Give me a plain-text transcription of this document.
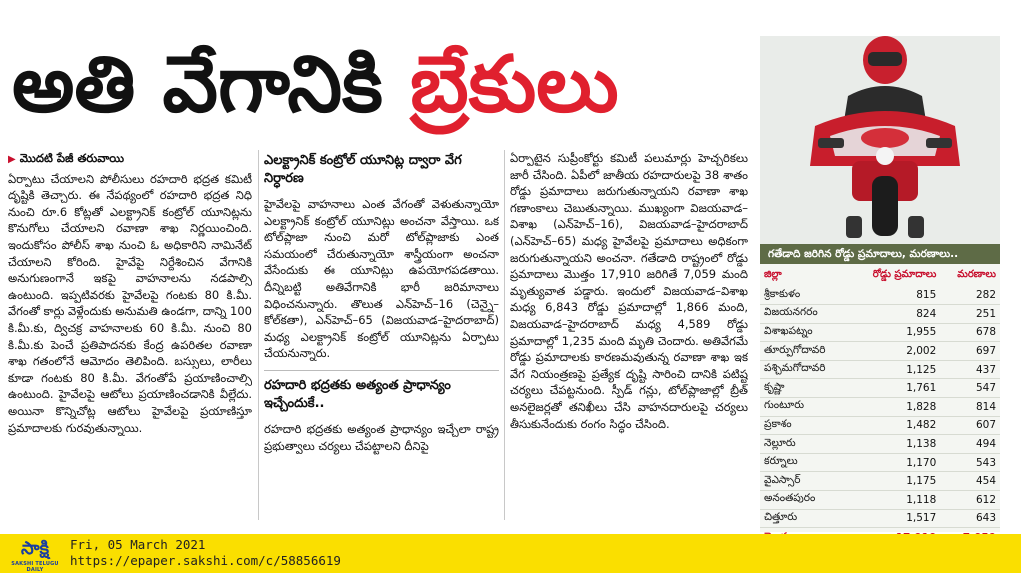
అతి వేగానికి బ్రేకులు
▶ మొదటి పేజీ తరువాయి

ఏర్పాటు చేయాలని పోలీసులు రహదారి భద్రత కమిటీ దృష్టికి తెచ్చారు. ఈ నేపథ్యంలో రహదారి భద్రత నిధి నుంచి రూ.6 కోట్లతో ఎలక్ట్రానిక్ కంట్రోల్ యూనిట్లను కొనుగోలు చేయాలని రవాణా శాఖ నిర్ణయించింది. ఇందుకోసం పోలీస్ శాఖ నుంచి ఓ అధికారిని నామినేట్ చేయాలని కోరింది. హైవేపై నిర్దేశించిన వేగానికి అనుగుణంగానే ఇకపై వాహనాలను నడపాల్సి ఉంటుంది. ఇప్పటివరకు హైవేలపై గంటకు 80 కి.మీ. వేగంతో కార్లు వెళ్లేందుకు అనుమతి ఉండగా, దాన్ని 100 కి.మీ.కు, ద్విచక్ర వాహనాలకు 60 కి.మీ. నుంచి 80 కి.మీ.కు పెంచే ప్రతిపాదనకు కేంద్ర ఉపరితల రవాణా శాఖ గతంలోనే ఆమోదం తెలిపింది. బస్సులు, లారీలు కూడా గంటకు 80 కి.మీ. వేగంతోపే ప్రయాణించాల్సి ఉంటుంది. హైవేలపై ఆటోలు ప్రయాణించడానికి వీల్లేదు. అయినా కొన్నిచోట్ల ఆటోలు హైవేలపై ప్రయాణిస్తూ ప్రమాదాలకు గురవుతున్నాయి.

ఎలక్ట్రానిక్ కంట్రోల్ యూనిట్ల ద్వారా వేగ నిర్ధారణ

హైవేలపై వాహనాలు ఎంత వేగంతో వెళుతున్నాయో ఎలక్ట్రానిక్ కంట్రోల్ యూనిట్లు అంచనా వేస్తాయి. ఒక టోల్‌ప్లాజా నుంచి మరో టోల్‌ప్లాజాకు ఎంత సమయంలో చేరుతున్నాయో శాస్త్రీయంగా అంచనా వేసేందుకు ఈ యూనిట్లు ఉపయోగపడతాయి. దీన్నిబట్టి అతివేగానికి భారీ జరిమానాలు విధించనున్నారు. తొలుత ఎన్‌హెచ్–16 (చెన్నై–కోల్‌కతా), ఎన్‌హెచ్–65 (విజయవాడ–హైదరాబాద్) మధ్య ఎలక్ట్రానిక్ కంట్రోల్ యూనిట్లను ఏర్పాటు చేయనున్నారు.

రహదారి భద్రతకు అత్యంత ప్రాధాన్యం ఇచ్చేందుకే..

రహదారి భద్రతకు అత్యంత ప్రాధాన్యం ఇచ్చేలా రాష్ట్ర ప్రభుత్వాలు చర్యలు చేపట్టాలని దీనిపై

ఏర్పాటైన సుప్రీంకోర్టు కమిటీ పలుమార్లు హెచ్చరికలు జారీ చేసింది. ఏపీలో జాతీయ రహదారులపై 38 శాతం రోడ్డు ప్రమాదాలు జరుగుతున్నాయని రవాణా శాఖ గణాంకాలు చెబుతున్నాయి. ముఖ్యంగా విజయవాడ–విశాఖ (ఎన్‌హెచ్–16), విజయవాడ–హైదరాబాద్ (ఎన్‌హెచ్–65) మధ్య హైవేలపై ప్రమాదాలు అధికంగా జరుగుతున్నాయని అంచనా. గతేడాది రాష్ట్రంలో రోడ్డు ప్రమాదాలు మొత్తం 17,910 జరిగితే 7,059 మంది మృత్యువాత పడ్డారు. ఇందులో విజయవాడ–విశాఖ మధ్య 6,843 రోడ్డు ప్రమాదాల్లో 1,866 మంది, విజయవాడ–హైదరాబాద్ మధ్య 4,589 రోడ్డు ప్రమాదాల్లో 1,235 మంది మృతి చెందారు. అతివేగమే రోడ్డు ప్రమాదాలకు కారణమవుతున్న రవాణా శాఖ ఇక వేగ నియంత్రణపై ప్రత్యేక దృష్టి సారించి దానికి పటిష్ట చర్యలు చేపట్టనుంది. స్పీడ్ గన్లు, టోల్‌ప్లాజాల్లో బ్రీత్ అనలైజర్లతో తనిఖీలు చేసి వాహనదారులపై చర్యలు తీసుకునేందుకు రంగం సిద్ధం చేసింది.

గతేడాది జరిగిన రోడ్డు ప్రమాదాలు, మరణాలు..
జిల్లా	రోడ్డు ప్రమాదాలు	మరణాలు
శ్రీకాకుళం	815	282
విజయనగరం	824	251
విశాఖపట్నం	1,955	678
తూర్పుగోదావరి	2,002	697
పశ్చిమగోదావరి	1,125	437
కృష్ణా	1,761	547
గుంటూరు	1,828	814
ప్రకాశం	1,482	607
నెల్లూరు	1,138	494
కర్నూలు	1,170	543
వైఎస్సార్	1,175	454
అనంతపురం	1,118	612
చిత్తూరు	1,517	643

సాక్షి
SAKSHI TELUGU DAILY
Fri, 05 March 2021
https://epaper.sakshi.com/c/58856619
